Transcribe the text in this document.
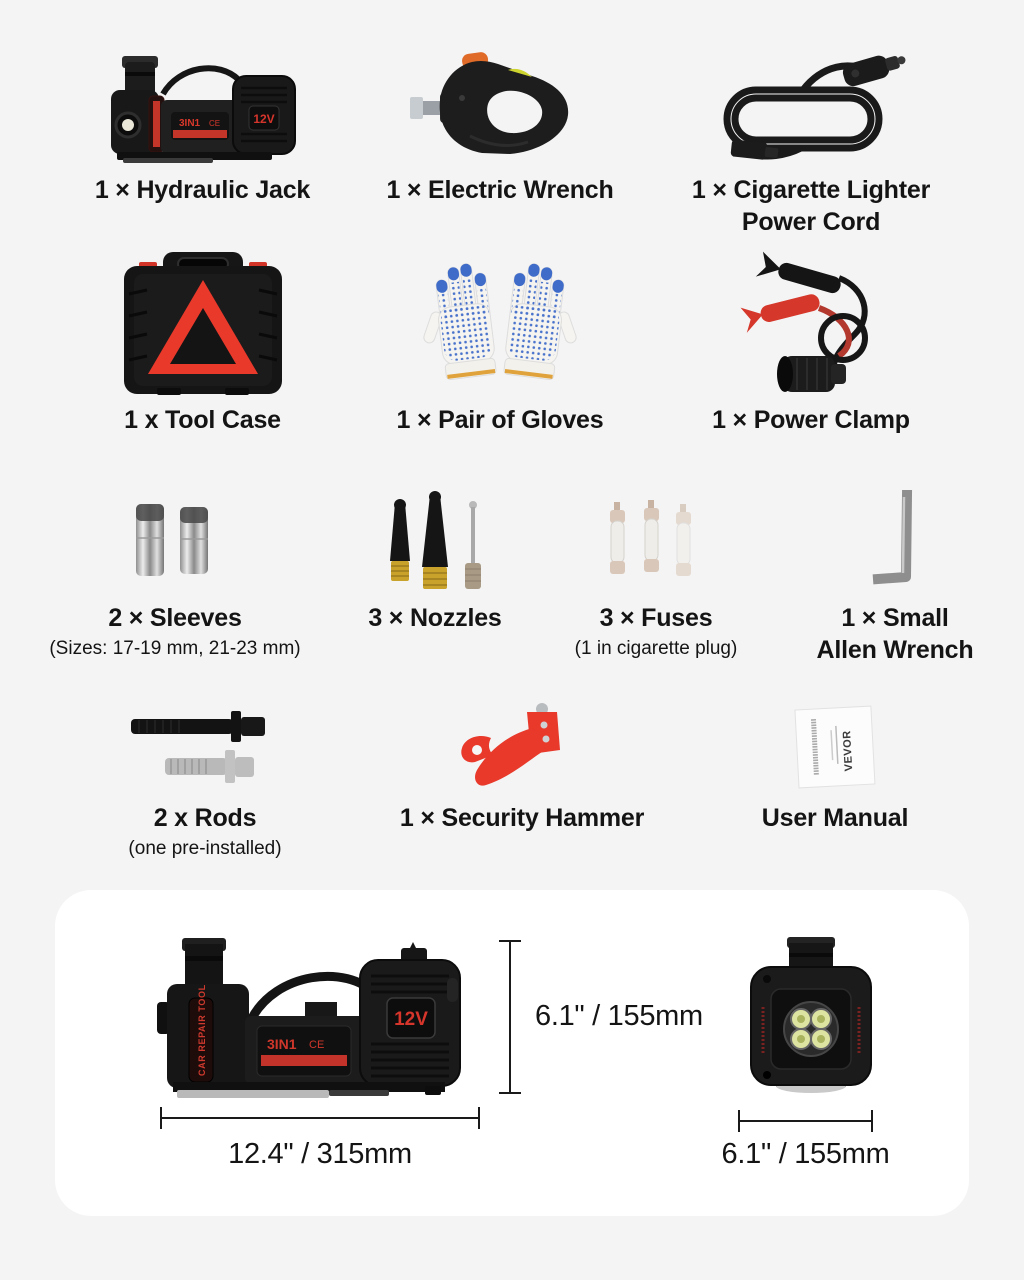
3IN1 CE	12V
1 × Hydraulic Jack	1 × Electric Wrench	1 × Cigarette Lighter
Power Cord
1 x Tool Case	1 × Pair of Gloves	1 × Power Clamp
2 × Sleeves
(Sizes: 17-19 mm, 21-23 mm)
3 × Nozzles	3 × Fuses
(1 in cigarette plug)
1 × Small
Allen Wrench
2 x Rods
(one pre-installed)
1 × Security Hammer
VEVOR
User Manual
CAR REPAIR TOOL	3IN1 CE
12V	6.1" / 155mm
12.4" / 315mm	6.1" / 155mm
